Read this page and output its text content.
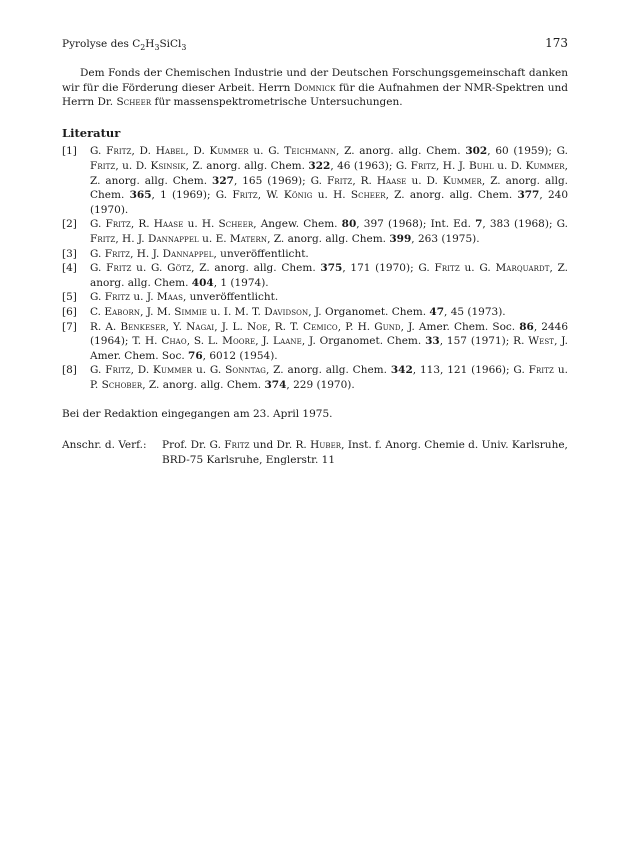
Pyrolyse des $C_2H_3SiCl_3$	173

Dem Fonds der Chemischen Industrie und der Deutschen Forschungsgemeinschaft danken wir für die Förderung dieser Arbeit. Herrn Domnick für die Aufnahmen der NMR-Spektren und Herrn Dr. Scheer für massenspektrometrische Untersuchungen.

Literatur
[1]	G. Fritz, D. Habel, D. Kummer u. G. Teichmann, Z. anorg. allg. Chem. 302, 60 (1959); G. Fritz, u. D. Ksinsik, Z. anorg. allg. Chem. 322, 46 (1963); G. Fritz, H. J. Buhl u. D. Kummer, Z. anorg. allg. Chem. 327, 165 (1969); G. Fritz, R. Haase u. D. Kummer, Z. anorg. allg. Chem. 365, 1 (1969); G. Fritz, W. König u. H. Scheer, Z. anorg. allg. Chem. 377, 240 (1970).
[2]	G. Fritz, R. Haase u. H. Scheer, Angew. Chem. 80, 397 (1968); Int. Ed. 7, 383 (1968); G. Fritz, H. J. Dannappel u. E. Matern, Z. anorg. allg. Chem. 399, 263 (1975).
[3]	G. Fritz, H. J. Dannappel, unveröffentlicht.
[4]	G. Fritz u. G. Götz, Z. anorg. allg. Chem. 375, 171 (1970); G. Fritz u. G. Marquardt, Z. anorg. allg. Chem. 404, 1 (1974).
[5]	G. Fritz u. J. Maas, unveröffentlicht.
[6]	C. Eaborn, J. M. Simmie u. I. M. T. Davidson, J. Organomet. Chem. 47, 45 (1973).
[7]	R. A. Benkeser, Y. Nagai, J. L. Noe, R. T. Cemico, P. H. Gund, J. Amer. Chem. Soc. 86, 2446 (1964); T. H. Chao, S. L. Moore, J. Laane, J. Organomet. Chem. 33, 157 (1971); R. West, J. Amer. Chem. Soc. 76, 6012 (1954).
[8]	G. Fritz, D. Kummer u. G. Sonntag, Z. anorg. allg. Chem. 342, 113, 121 (1966); G. Fritz u. P. Schober, Z. anorg. allg. Chem. 374, 229 (1970).
Bei der Redaktion eingegangen am 23. April 1975.
Anschr. d. Verf.:	Prof. Dr. G. Fritz und Dr. R. Huber, Inst. f. Anorg. Chemie d. Univ. Karlsruhe, BRD-75 Karlsruhe, Englerstr. 11
